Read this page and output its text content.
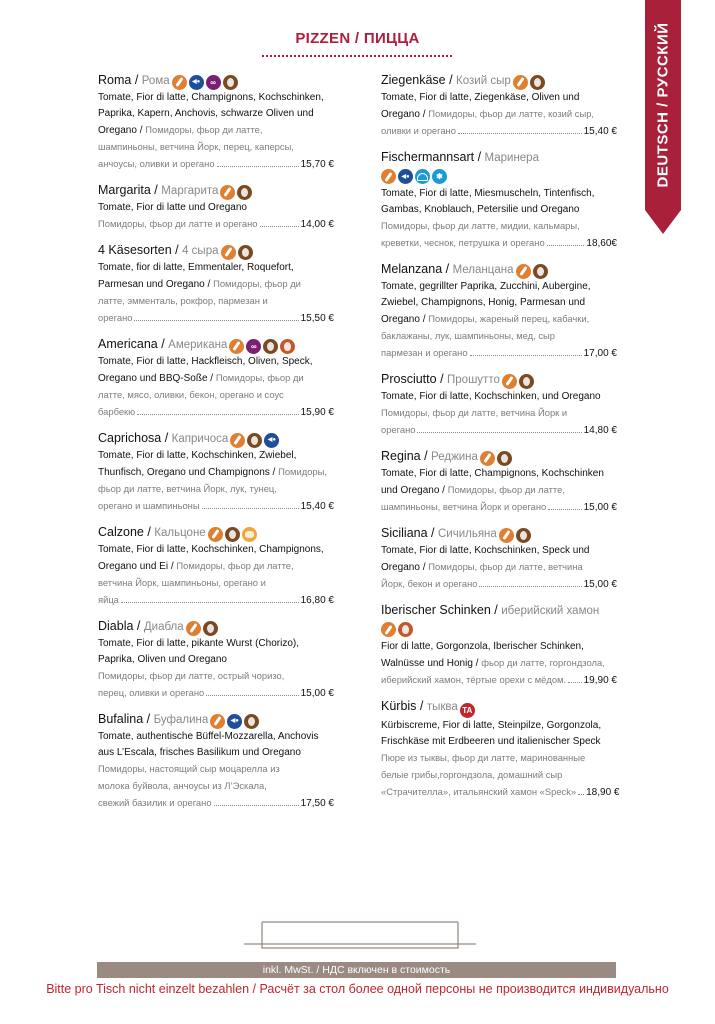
PIZZEN / ПИЦЦА	DEUTSCH / РУССКИЙ
Roma / Рома	◀●	∞
Tomate, Fior di latte, Champignons, Kochschinken,
Paprika, Kapern, Anchovis, schwarze Oliven und
Oregano / Помидоры, фьор ди латте,
шампиньоны, ветчина Йорк, перец, каперсы,
анчоусы, оливки и орегано	15,70 €
Margarita / Маргарита
Tomate, Fior di latte und Oregano
Помидоры, фьор ди латте и орегано	14,00 €
4 Käsesorten / 4 сыра
Tomate, fior di latte, Emmentaler, Roquefort,
Parmesan und Oregano / Помидоры, фьор ди
латте, эмменталь, рокфор, пармезан и
орегано	15,50 €
Americana / Американа	∞
Tomate, Fior di latte, Hackfleisch, Oliven, Speck,
Oregano und BBQ-Soße / Помидоры, фьор ди
латте, мясо, оливки, бекон, орегано и соус
барбекю	15,90 €
Caprichosa / Капричоса	◀●
Tomate, Fior di latte, Kochschinken, Zwiebel,
Thunfisch, Oregano und Champignons / Помидоры,
фьор ди латте, ветчина Йорк, лук, тунец,
орегано и шампиньоны	15,40 €
Calzone / Кальцоне
Tomate, Fior di latte, Kochschinken, Champignons,
Oregano und Ei / Помидоры, фьор ди латте,
ветчина Йорк, шампиньоны, орегано и
яйца	16,80 €
Diabla / Диабла
Tomate, Fior di latte, pikante Wurst (Chorizo),
Paprika, Oliven und Oregano
Помидоры, фьор ди латте, острый чоризо,
перец, оливки и орегано	15,00 €
Bufalina / Буфалина	◀●
Tomate, authentische Büffel-Mozzarella, Anchovis
aus L’Escala, frisches Basilikum und Oregano
Помидоры, настоящий сыр моцарелла из
молока буйвола, анчоусы из Л’Эскала,
свежий базилик и орегано	17,50 €
Ziegenkäse / Козий сыр
Tomate, Fior di latte, Ziegenkäse, Oliven und
Oregano / Помидоры, фьор ди латте, козий сыр,
оливки и орегано	15,40 €
Fischermannsart / Маринера
◀●	✱
Tomate, Fior di latte, Miesmuscheln, Tintenfisch,
Gambas, Knoblauch, Petersilie und Oregano
Помидоры, фьор ди латте, мидии, кальмары,
креветки, чеснок, петрушка и орегано	18,60€
Melanzana / Меланцана
Tomate, gegrillter Paprika, Zucchini, Aubergine,
Zwiebel, Champignons, Honig, Parmesan und
Oregano / Помидоры, жареный перец, кабачки,
баклажаны, лук, шампиньоны, мед, сыр
пармезан и орегано	17,00 €
Prosciutto / Прошутто
Tomate, Fior di latte, Kochschinken, und Oregano
Помидоры, фьор ди латте, ветчина Йорк и
орегано	14,80 €
Regina / Реджина
Tomate, Fior di latte, Champignons, Kochschinken
und Oregano / Помидоры, фьор ди латте,
шампиньоны, ветчина Йорк и орегано	15,00 €
Siciliana / Сичильяна
Tomate, Fior di latte, Kochschinken, Speck und
Oregano / Помидоры, фьор ди латте, ветчина
Йорк, бекон и орегано	15,00 €
Iberischer Schinken / иберийский хамон
Fior di latte, Gorgonzola, Iberischer Schinken,
Walnüsse und Honig / фьор ди латте, горгондзола,
иберийский хамон, тёртые орехи с мёдом. 19,90 €
Kürbis / тыква TA
Kürbiscreme, Fior di latte, Steinpilze, Gorgonzola,
Frischkäse mit Erdbeeren und italienischer Speck
Пюре из тыквы, фьор ди латте, маринованные
белые грибы,горгондзола, домашний сыр
«Страчителла», итальянский хамон «Speck» 18,90 €
inkl. MwSt. / НДС включен в стоимость
Bitte pro Tisch nicht einzelt bezahlen / Расчёт за стол более одной персоны не производится индивидуально
